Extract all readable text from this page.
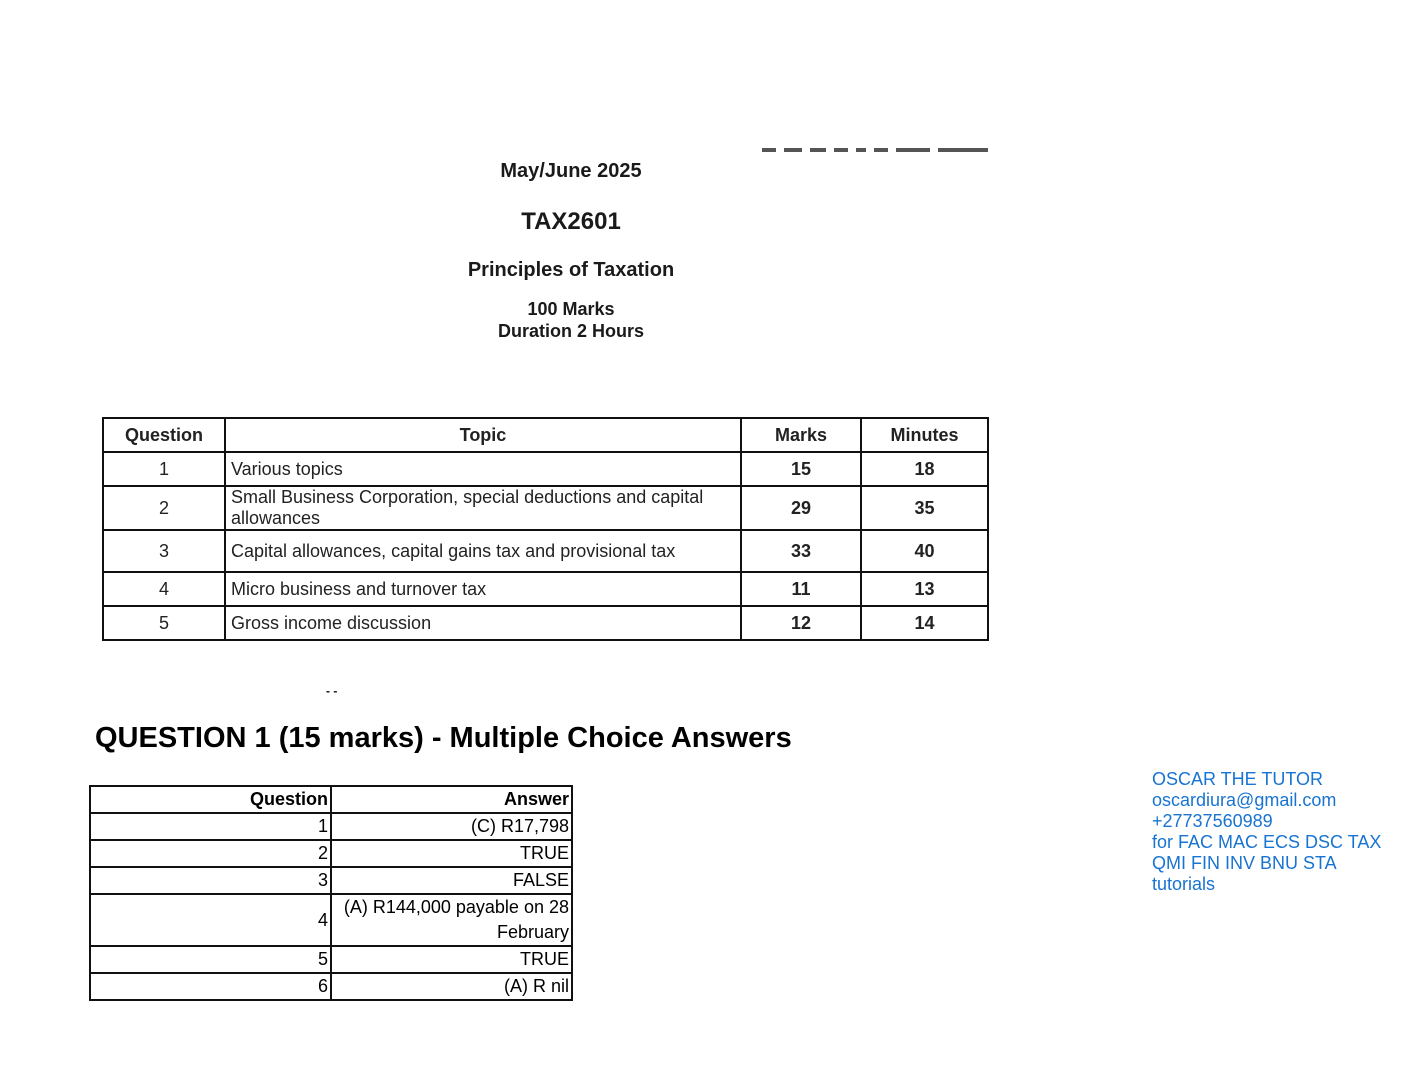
May/June 2025
TAX2601
Principles of Taxation
100 Marks
Duration 2 Hours
Question	Topic	Marks	Minutes
1	Various topics	15	18
2	Small Business Corporation, special deductions and capital allowances	29	35
3	Capital allowances, capital gains tax and provisional tax	33	40
4	Micro business and turnover tax	11	13
5	Gross income discussion	12	14
- -
QUESTION 1 (15 marks) - Multiple Choice Answers
Question	Answer
1	(C) R17,798
2	TRUE
3	FALSE
4	(A) R144,000 payable on 28
February

5	TRUE
6	(A) R nil
OSCAR THE TUTOR
oscardiura@gmail.com
+27737560989
for FAC MAC ECS DSC TAX
QMI FIN INV BNU STA
tutorials
